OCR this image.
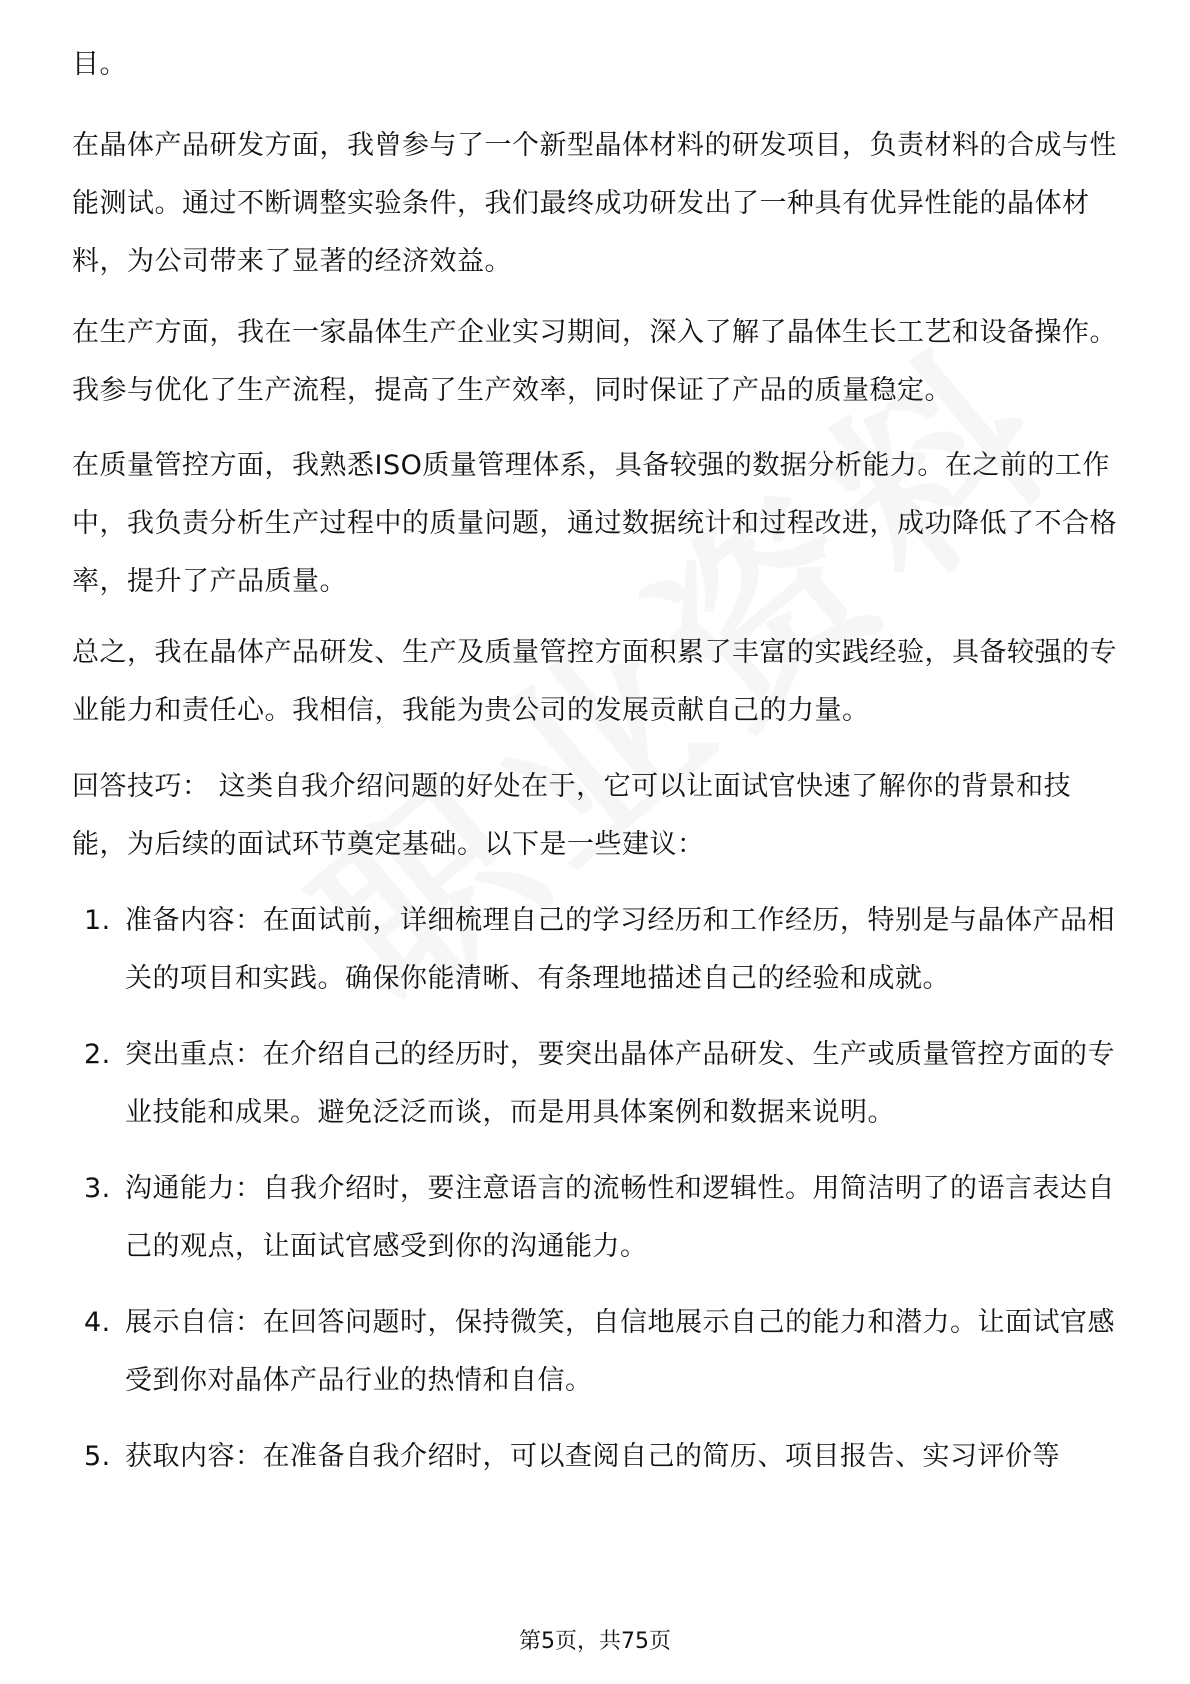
目。

在晶体产品研发方面，我曾参与了一个新型晶体材料的研发项目，负责材料的合成与性能测试。通过不断调整实验条件，我们最终成功研发出了一种具有优异性能的晶体材料，为公司带来了显著的经济效益。

在生产方面，我在一家晶体生产企业实习期间，深入了解了晶体生长工艺和设备操作。我参与优化了生产流程，提高了生产效率，同时保证了产品的质量稳定。

在质量管控方面，我熟悉ISO质量管理体系，具备较强的数据分析能力。在之前的工作中，我负责分析生产过程中的质量问题，通过数据统计和过程改进，成功降低了不合格率，提升了产品质量。

总之，我在晶体产品研发、生产及质量管控方面积累了丰富的实践经验，具备较强的专业能力和责任心。我相信，我能为贵公司的发展贡献自己的力量。

回答技巧： 这类自我介绍问题的好处在于，它可以让面试官快速了解你的背景和技能，为后续的面试环节奠定基础。以下是一些建议：

1. 准备内容：在面试前，详细梳理自己的学习经历和工作经历，特别是与晶体产品相关的项目和实践。确保你能清晰、有条理地描述自己的经验和成就。
2. 突出重点：在介绍自己的经历时，要突出晶体产品研发、生产或质量管控方面的专业技能和成果。避免泛泛而谈，而是用具体案例和数据来说明。
3. 沟通能力：自我介绍时，要注意语言的流畅性和逻辑性。用简洁明了的语言表达自己的观点，让面试官感受到你的沟通能力。
4. 展示自信：在回答问题时，保持微笑，自信地展示自己的能力和潜力。让面试官感受到你对晶体产品行业的热情和自信。
5. 获取内容：在准备自我介绍时，可以查阅自己的简历、项目报告、实习评价等
第5页，共75页
